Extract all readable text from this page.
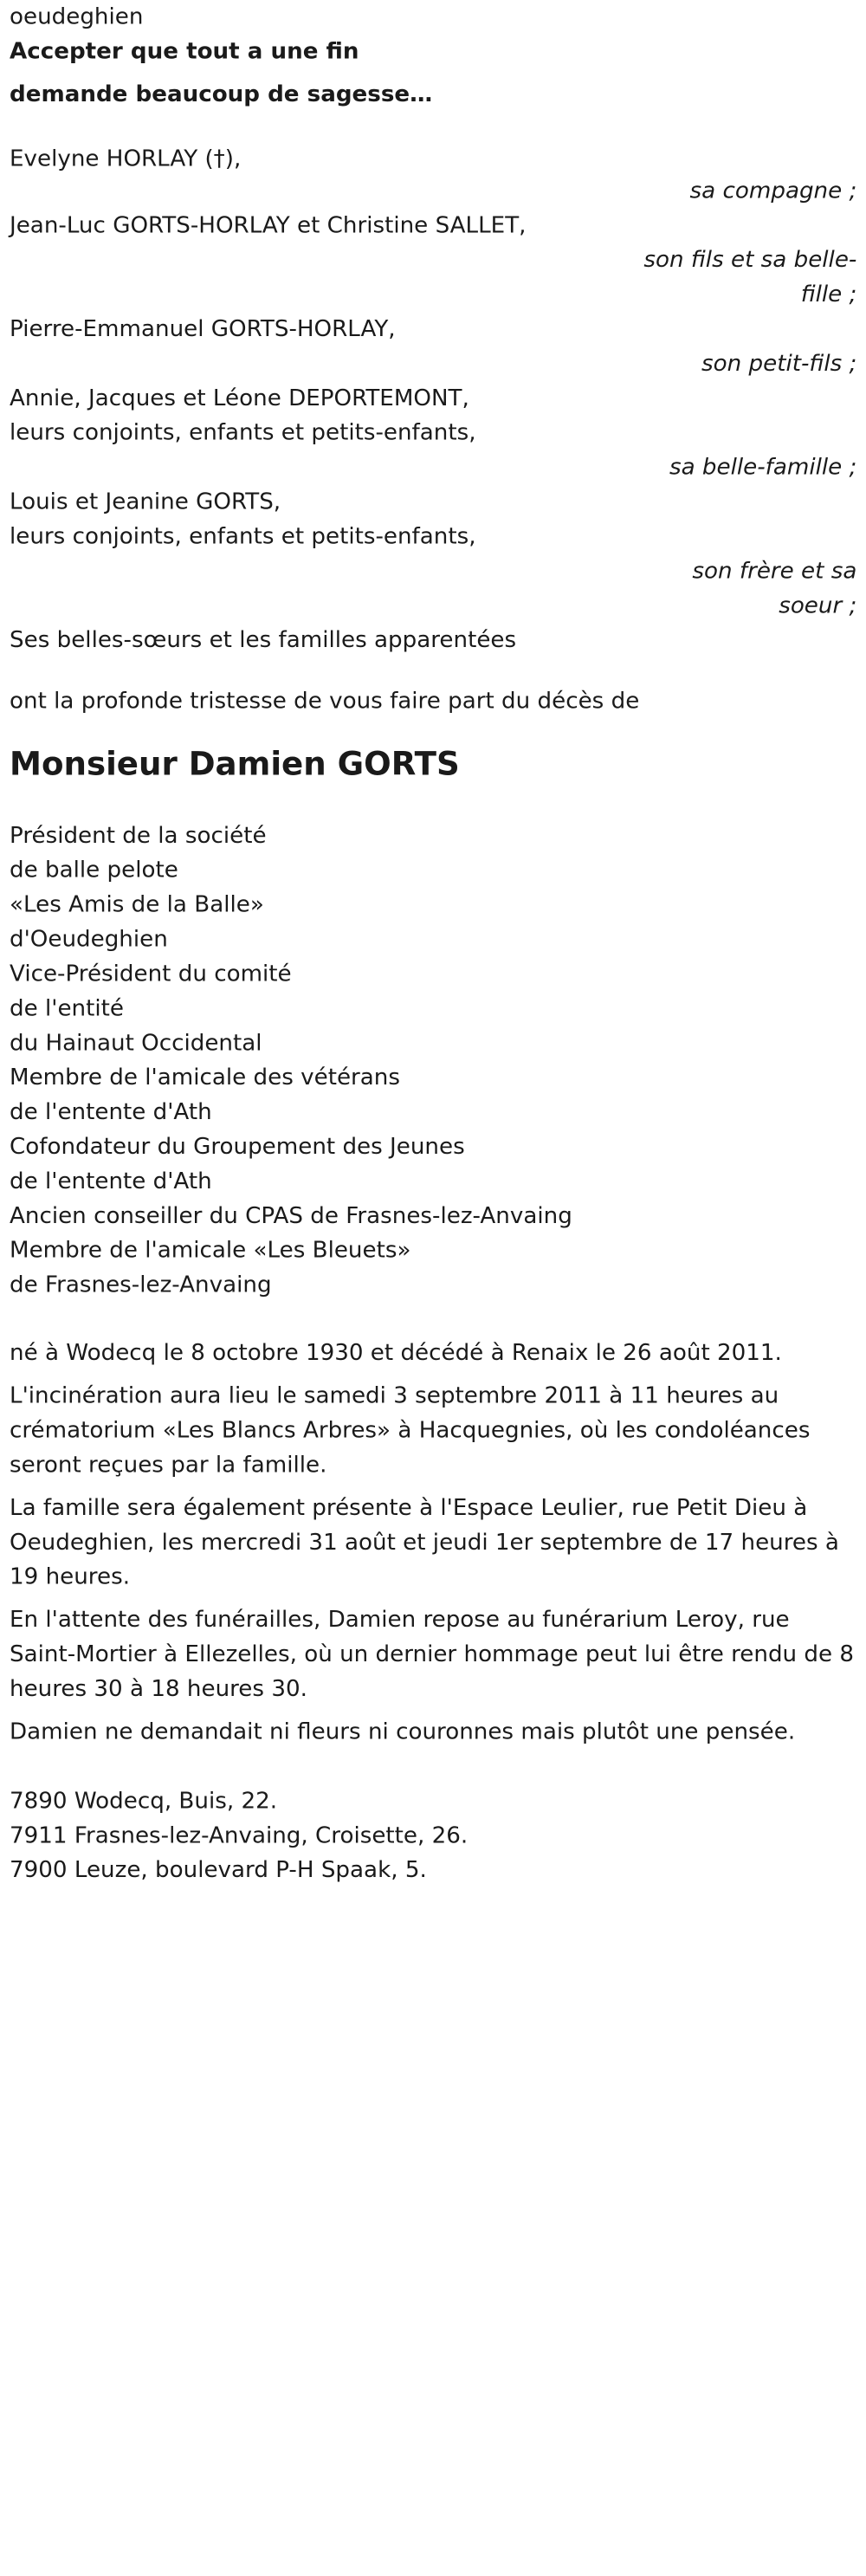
oeudeghien
Accepter que tout a une fin
demande beaucoup de sagesse…
Evelyne HORLAY (†),
sa compagne ;
Jean-Luc GORTS-HORLAY et Christine SALLET,
son fils et sa belle-fille ;
Pierre-Emmanuel GORTS-HORLAY,
son petit-fils ;
Annie, Jacques et Léone DEPORTEMONT,
leurs conjoints, enfants et petits-enfants,
sa belle-famille ;
Louis et Jeanine GORTS,
leurs conjoints, enfants et petits-enfants,
son frère et sa soeur ;
Ses belles-sœurs et les familles apparentées
ont la profonde tristesse de vous faire part du décès de
Monsieur Damien GORTS
Président de la société
de balle pelote
«Les Amis de la Balle»
d'Oeudeghien
Vice-Président du comité
de l'entité
du Hainaut Occidental
Membre de l'amicale des vétérans
de l'entente d'Ath
Cofondateur du Groupement des Jeunes
de l'entente d'Ath
Ancien conseiller du CPAS de Frasnes-lez-Anvaing
Membre de l'amicale «Les Bleuets»
de Frasnes-lez-Anvaing

né à Wodecq le 8 octobre 1930 et décédé à Renaix le 26 août 2011.

L'incinération aura lieu le samedi 3 septembre 2011 à 11 heures au crématorium «Les Blancs Arbres» à Hacquegnies, où les condoléances seront reçues par la famille.

La famille sera également présente à l'Espace Leulier, rue Petit Dieu à Oeudeghien, les mercredi 31 août et jeudi 1er septembre de 17 heures à 19 heures.

En l'attente des funérailles, Damien repose au funérarium Leroy, rue Saint-Mortier à Ellezelles, où un dernier hommage peut lui être rendu de 8 heures 30 à 18 heures 30.

Damien ne demandait ni fleurs ni couronnes mais plutôt une pensée.

7890 Wodecq, Buis, 22.
7911 Frasnes-lez-Anvaing, Croisette, 26.
7900 Leuze, boulevard P-H Spaak, 5.
